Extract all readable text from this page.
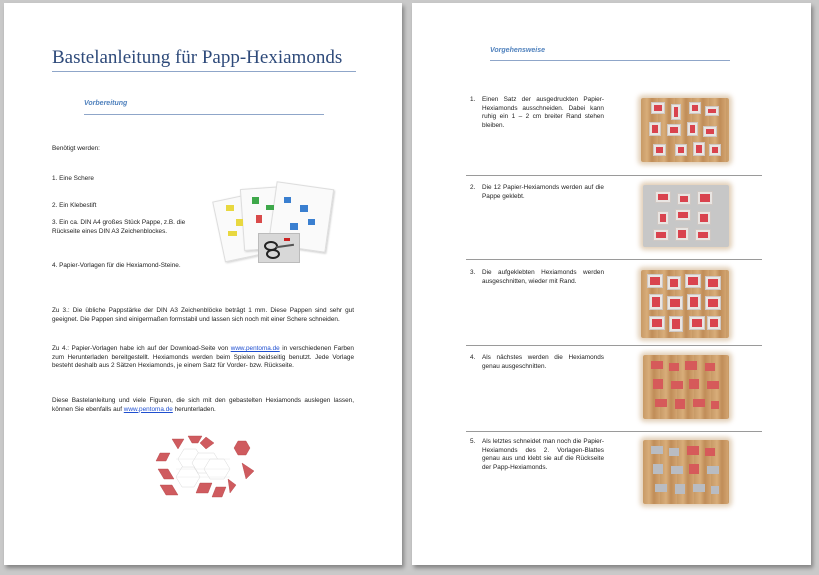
Bastelanleitung für Papp-Hexiamonds
Vorbereitung
Benötigt werden:
1. Eine Schere
2. Ein Klebestift
3. Ein ca. DIN A4 großes Stück Pappe, z.B. die Rückseite eines DIN A3 Zeichenblockes.
4. Papier-Vorlagen für die Hexiamond-Steine.
Zu 3.: Die übliche Pappstärke der DIN A3 Zeichenblöcke beträgt 1 mm. Diese Pappen sind sehr gut geeignet. Die Pappen sind einigermaßen formstabil und lassen sich noch mit einer Schere schneiden.
Zu 4.: Papier-Vorlagen habe ich auf der Download-Seite von www.pentoma.de in verschiedenen Farben zum Herunterladen bereitgestellt. Hexiamonds werden beim Spielen beidseitig benutzt. Jede Vorlage besteht deshalb aus 2 Sätzen Hexiamonds, je einem Satz für Vorder- bzw. Rückseite.
Diese Bastelanleitung und viele Figuren, die sich mit den gebastelten Hexiamonds auslegen lassen, können Sie ebenfalls auf www.pentoma.de herunterladen.
Vorgehensweise
1. Einen Satz der ausgedruckten Papier-Hexiamonds ausschneiden. Dabei kann ruhig ein 1 – 2 cm breiter Rand stehen bleiben.
2. Die 12 Papier-Hexiamonds werden auf die Pappe geklebt.
3. Die aufgeklebten Hexiamonds werden ausgeschnitten, wieder mit Rand.
4. Als nächstes werden die Hexiamonds genau ausgeschnitten.
5. Als letztes schneidet man noch die Papier-Hexiamonds des 2. Vorlagen-Blattes genau aus und klebt sie auf die Rückseite der Papp-Hexiamonds.
